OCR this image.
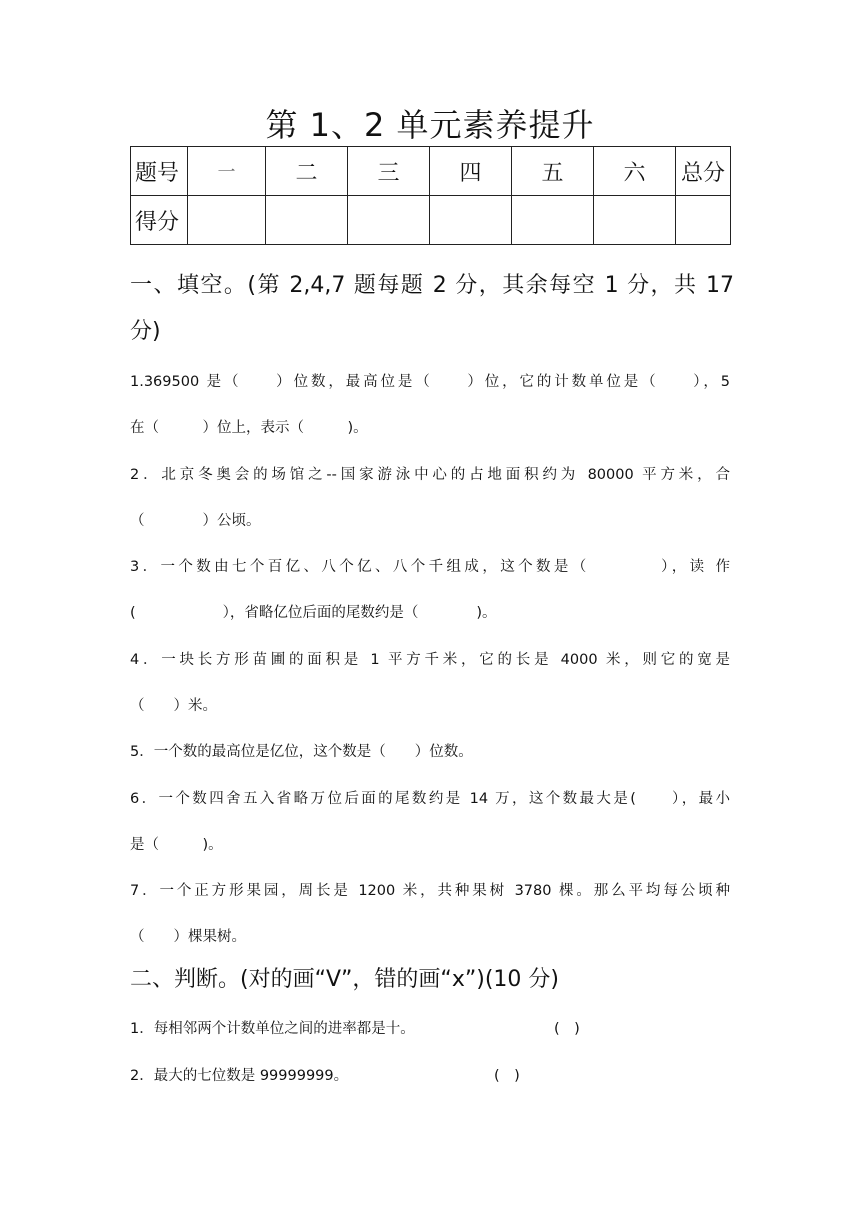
第 1、2 单元素养提升
题号	一	二	三	四	五	六	总分
得分							
一、填空。(第 2,4,7 题每题 2 分，其余每空 1 分，共 17
分)
1.369500 是（　　）位数，最高位是（　　）位，它的计数单位是（　　），5
在（　　　）位上，表示（　　　)。
2．北京冬奥会的场馆之--国家游泳中心的占地面积约为 80000 平方米，合
（　　　　）公顷。
3．一个数由七个百亿、八个亿、八个千组成，这个数是（　　　　），读 作
(　　　　　　），省略亿位后面的尾数约是（　　　　)。
4．一块长方形苗圃的面积是 1 平方千米，它的长是 4000 米，则它的宽是
（　　）米。
5．一个数的最高位是亿位，这个数是（　　）位数。
6．一个数四舍五入省略万位后面的尾数约是 14 万，这个数最大是(　　），最小
是（　　　)。
7．一个正方形果园，周长是 1200 米，共种果树 3780 棵。那么平均每公顷种
（　　）棵果树。
二、判断。(对的画“V”，错的画“x”)(10 分)
1．每相邻两个计数单位之间的进率都是十。	(　)
2．最大的七位数是 99999999。	(　)
